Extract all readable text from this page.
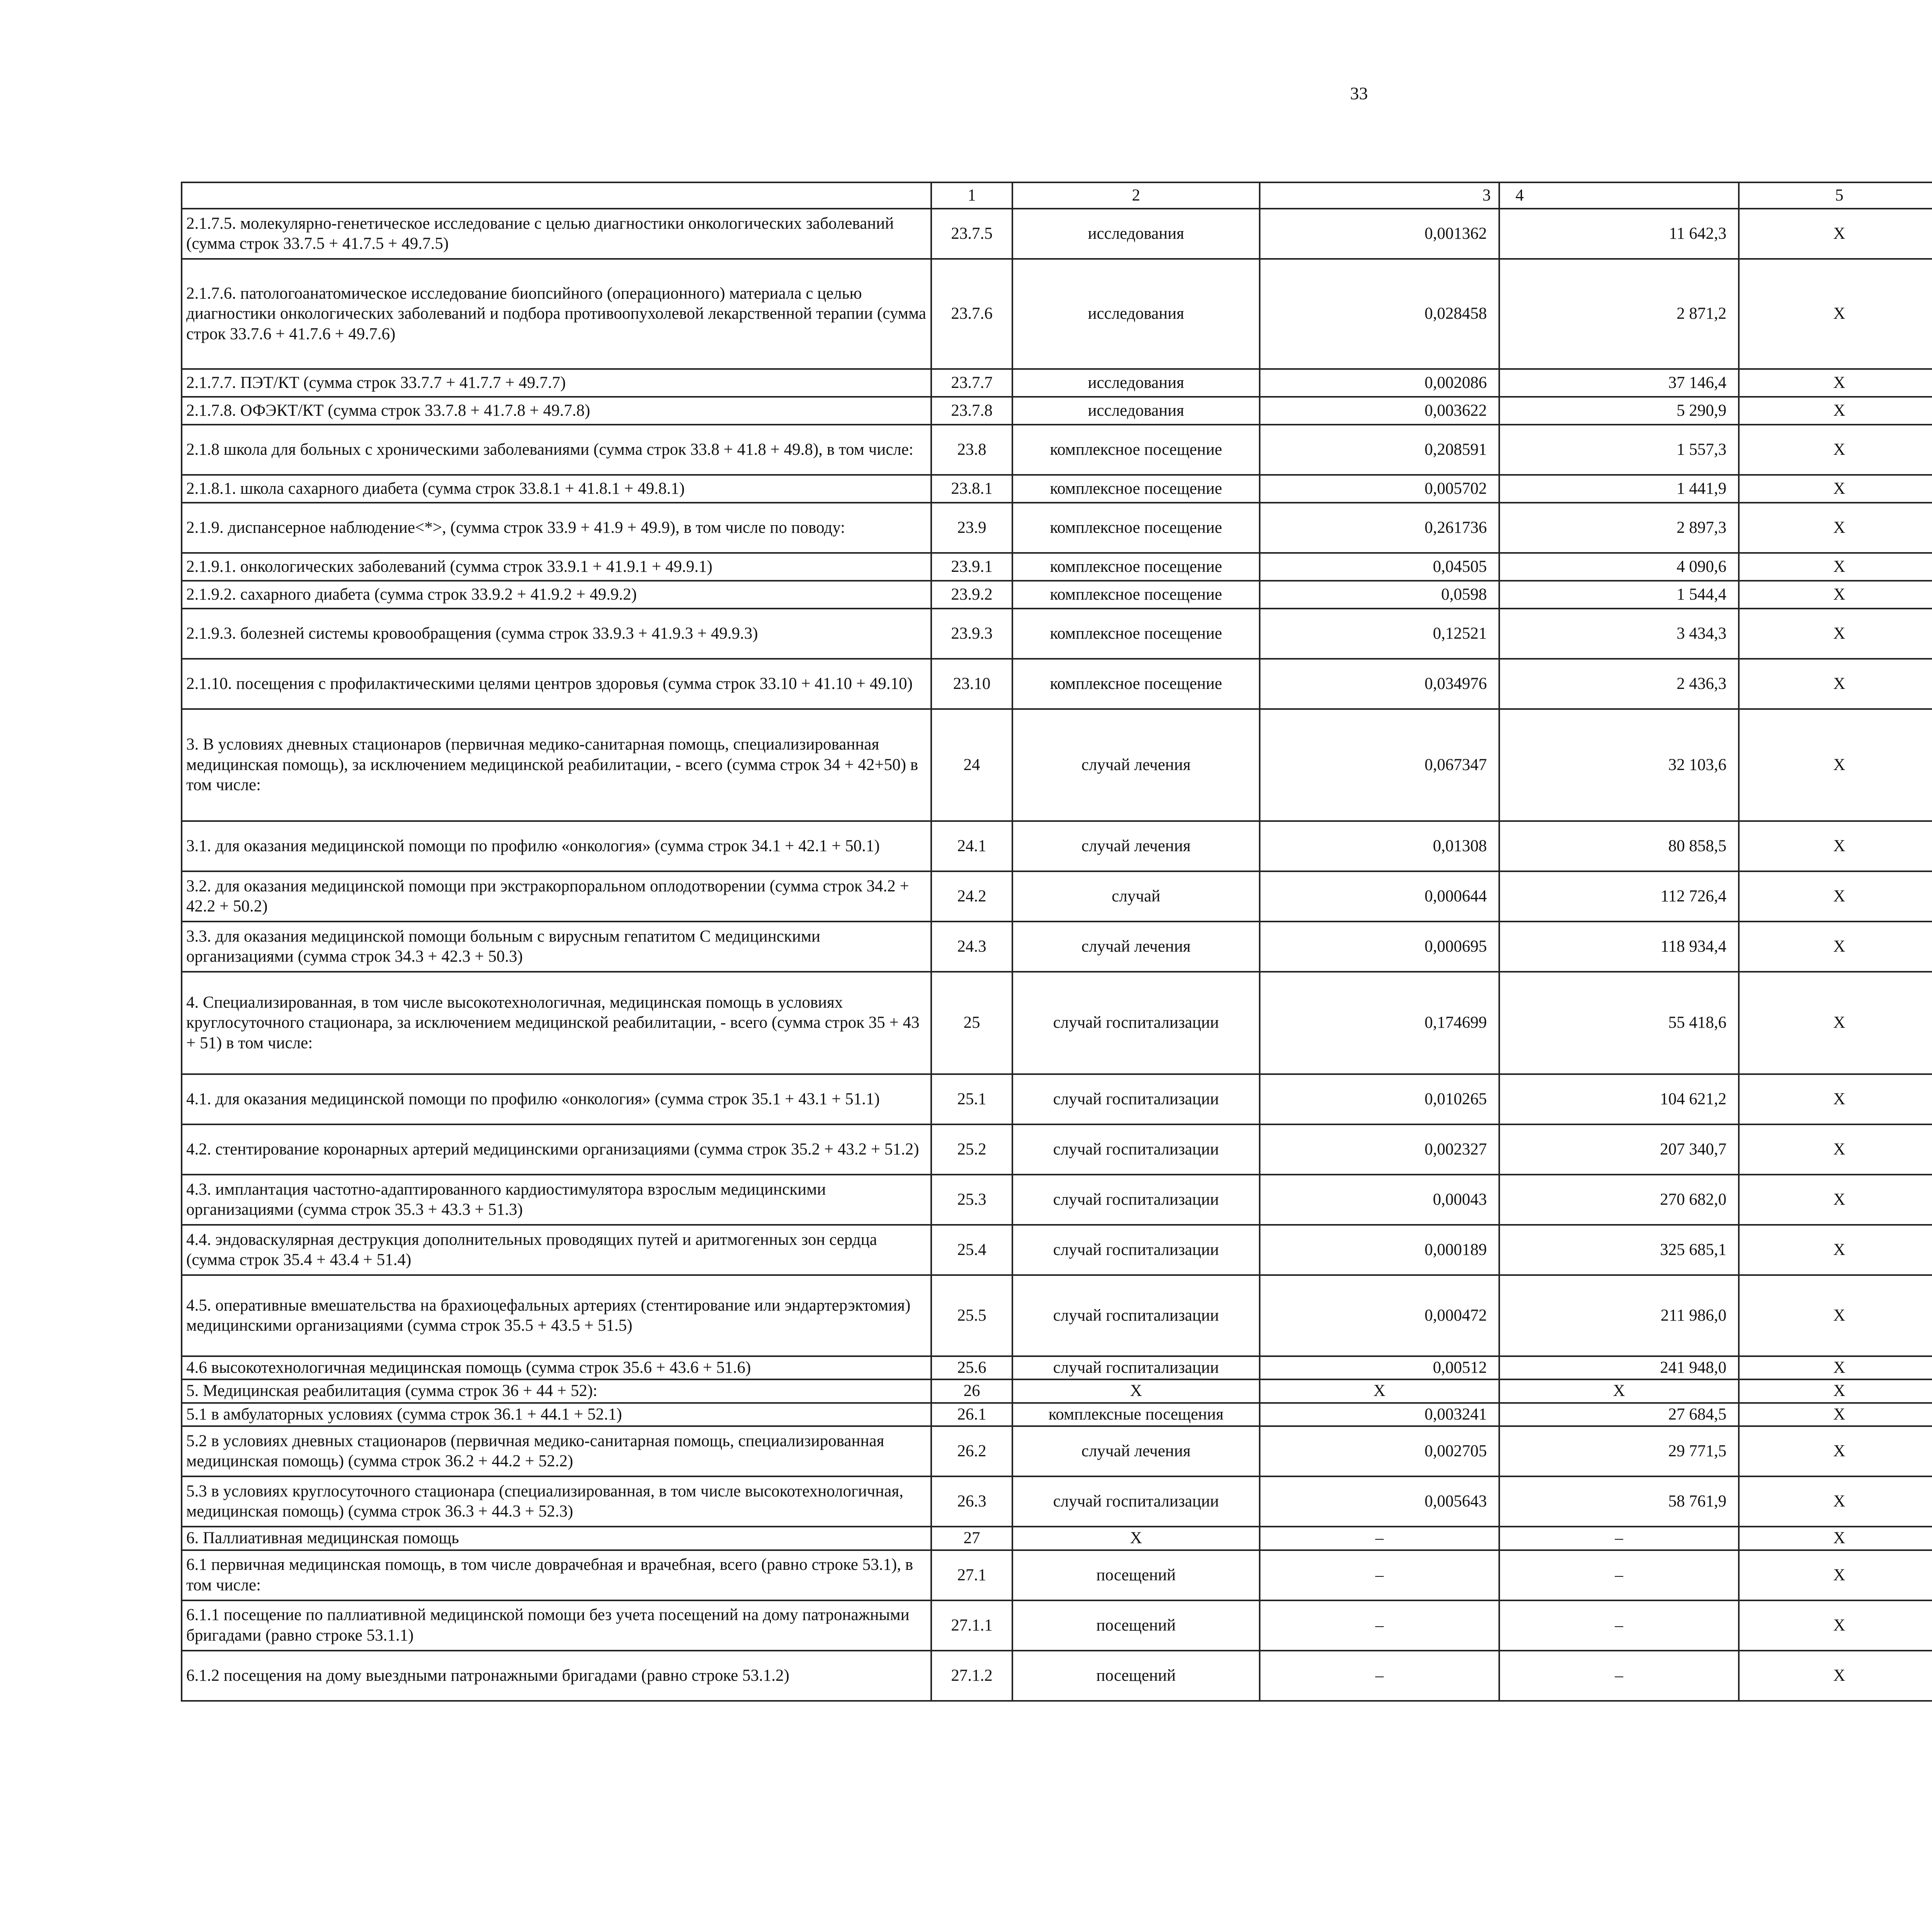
33
	1	2	3	4	5				
2.1.7.5. молекулярно-генетическое исследование с целью диагностики онкологических заболеваний (сумма строк 33.7.5 + 41.7.5 + 49.7.5)	23.7.5	исследования	0,001362	11 642,3	X				
2.1.7.6. патологоанатомическое исследование биопсийного (операционного) материала с целью диагностики онкологических заболеваний и подбора противоопухолевой лекарственной терапии (сумма строк 33.7.6 + 41.7.6 + 49.7.6)	23.7.6	исследования	0,028458	2 871,2	X				
2.1.7.7. ПЭТ/КТ (сумма строк 33.7.7 + 41.7.7 + 49.7.7)	23.7.7	исследования	0,002086	37 146,4	X				
2.1.7.8. ОФЭКТ/КТ (сумма строк 33.7.8 + 41.7.8 + 49.7.8)	23.7.8	исследования	0,003622	5 290,9	X				
2.1.8 школа для больных с хроническими заболеваниями (сумма строк 33.8 + 41.8 + 49.8), в том числе:	23.8	комплексное посещение	0,208591	1 557,3	X				
2.1.8.1. школа сахарного диабета (сумма строк 33.8.1 + 41.8.1 + 49.8.1)	23.8.1	комплексное посещение	0,005702	1 441,9	X				
2.1.9. диспансерное наблюдение<*>, (сумма строк 33.9 + 41.9 + 49.9), в том числе по поводу:	23.9	комплексное посещение	0,261736	2 897,3	X				
2.1.9.1. онкологических заболеваний (сумма строк 33.9.1 + 41.9.1 + 49.9.1)	23.9.1	комплексное посещение	0,04505	4 090,6	X				
2.1.9.2. сахарного диабета (сумма строк 33.9.2 + 41.9.2 + 49.9.2)	23.9.2	комплексное посещение	0,0598	1 544,4	X				
2.1.9.3. болезней системы кровообращения (сумма строк 33.9.3 + 41.9.3 + 49.9.3)	23.9.3	комплексное посещение	0,12521	3 434,3	X				
2.1.10. посещения с профилактическими целями центров здоровья (сумма строк 33.10 + 41.10 + 49.10)	23.10	комплексное посещение	0,034976	2 436,3	X				
3. В условиях дневных стационаров (первичная медико-санитарная помощь, специализированная медицинская помощь), за исключением медицинской реабилитации, - всего (сумма строк 34 + 42+50) в том числе:	24	случай лечения	0,067347	32 103,6	X				
3.1. для оказания медицинской помощи по профилю «онкология» (сумма строк 34.1 + 42.1 + 50.1)	24.1	случай лечения	0,01308	80 858,5	X				
3.2. для оказания медицинской помощи при экстракорпоральном оплодотворении (сумма строк 34.2 + 42.2 + 50.2)	24.2	случай	0,000644	112 726,4	X				
3.3. для оказания медицинской помощи больным с вирусным гепатитом С медицинскими организациями (сумма строк 34.3 + 42.3 + 50.3)	24.3	случай лечения	0,000695	118 934,4	X				
4. Специализированная, в том числе высокотехнологичная, медицинская помощь в условиях круглосуточного стационара, за исключением медицинской реабилитации, - всего (сумма строк 35 + 43 + 51) в том числе:	25	случай госпитализации	0,174699	55 418,6	X				
4.1. для оказания медицинской помощи по профилю «онкология» (сумма строк 35.1 + 43.1 + 51.1)	25.1	случай госпитализации	0,010265	104 621,2	X				
4.2. стентирование коронарных артерий медицинскими организациями (сумма строк 35.2 + 43.2 + 51.2)	25.2	случай госпитализации	0,002327	207 340,7	X				
4.3. имплантация частотно-адаптированного кардиостимулятора взрослым медицинскими организациями (сумма строк 35.3 + 43.3 + 51.3)	25.3	случай госпитализации	0,00043	270 682,0	X				
4.4. эндоваскулярная деструкция дополнительных проводящих путей и аритмогенных зон сердца (сумма строк 35.4 + 43.4 + 51.4)	25.4	случай госпитализации	0,000189	325 685,1	X				
4.5. оперативные вмешательства на брахиоцефальных артериях (стентирование или эндартерэктомия) медицинскими организациями (сумма строк 35.5 + 43.5 + 51.5)	25.5	случай госпитализации	0,000472	211 986,0	X				
4.6 высокотехнологичная медицинская помощь (сумма строк 35.6 + 43.6 + 51.6)	25.6	случай госпитализации	0,00512	241 948,0	X				
5. Медицинская реабилитация (сумма строк 36 + 44 + 52):	26	X	X	X	X				
5.1 в амбулаторных условиях (сумма строк 36.1 + 44.1 + 52.1)	26.1	комплексные посещения	0,003241	27 684,5	X				
5.2 в условиях дневных стационаров (первичная медико-санитарная помощь, специализированная медицинская помощь) (сумма строк 36.2 + 44.2 + 52.2)	26.2	случай лечения	0,002705	29 771,5	X				
5.3 в условиях круглосуточного стационара (специализированная, в том числе высокотехнологичная, медицинская помощь) (сумма строк 36.3 + 44.3 + 52.3)	26.3	случай госпитализации	0,005643	58 761,9	X				
6. Паллиативная медицинская помощь	27	X	–	–	X				
6.1 первичная медицинская помощь, в том числе доврачебная и врачебная, всего (равно строке 53.1), в том числе:	27.1	посещений	–	–	X				
6.1.1 посещение по паллиативной медицинской помощи без учета посещений на дому патронажными бригадами (равно строке 53.1.1)	27.1.1	посещений	–	–	X				
6.1.2 посещения на дому выездными патронажными бригадами (равно строке 53.1.2)	27.1.2	посещений	–	–	X				
